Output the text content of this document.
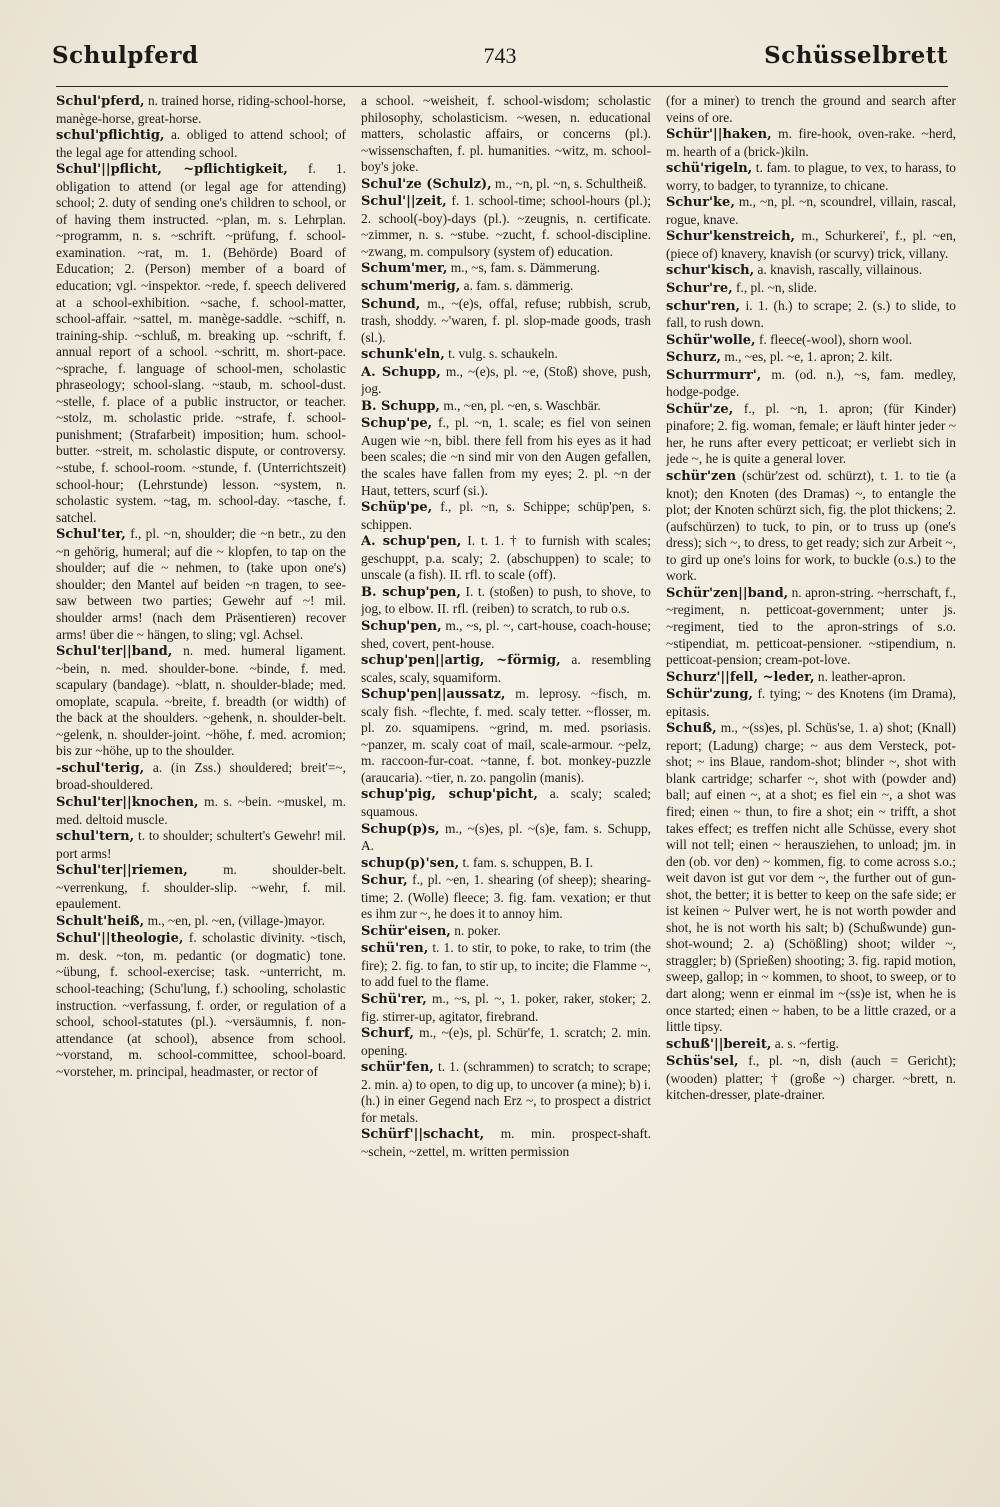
Schulpferd	743	Schüsselbrett

Schul'pferd, n. trained horse, riding-school-horse, manège-horse, great-horse.

schul'pflichtig, a. obliged to attend school; of the legal age for attending school.

Schul'||pflicht, ~pflichtigkeit, f. 1. obligation to attend (or legal age for attending) school; 2. duty of sending one's children to school, or of having them instructed. ~plan, m. s. Lehrplan. ~programm, n. s. ~schrift. ~prüfung, f. school-examination. ~rat, m. 1. (Behörde) Board of Education; 2. (Person) member of a board of education; vgl. ~inspektor. ~rede, f. speech delivered at a school-exhibition. ~sache, f. school-matter, school-affair. ~sattel, m. manège-saddle. ~schiff, n. training-ship. ~schluß, m. breaking up. ~schrift, f. annual report of a school. ~schritt, m. short-pace. ~sprache, f. language of school-men, scholastic phraseology; school-slang. ~staub, m. school-dust. ~stelle, f. place of a public instructor, or teacher. ~stolz, m. scholastic pride. ~strafe, f. school-punishment; (Strafarbeit) imposition; hum. school-butter. ~streit, m. scholastic dispute, or controversy. ~stube, f. school-room. ~stunde, f. (Unterrichtszeit) school-hour; (Lehrstunde) lesson. ~system, n. scholastic system. ~tag, m. school-day. ~tasche, f. satchel.

Schul'ter, f., pl. ~n, shoulder; die ~n betr., zu den ~n gehörig, humeral; auf die ~ klopfen, to tap on the shoulder; auf die ~ nehmen, to (take upon one's) shoulder; den Mantel auf beiden ~n tragen, to see-saw between two parties; Gewehr auf ~! mil. shoulder arms! (nach dem Präsentieren) recover arms! über die ~ hängen, to sling; vgl. Achsel.

Schul'ter||band, n. med. humeral ligament. ~bein, n. med. shoulder-bone. ~binde, f. med. scapulary (bandage). ~blatt, n. shoulder-blade; med. omoplate, scapula. ~breite, f. breadth (or width) of the back at the shoulders. ~gehenk, n. shoulder-belt. ~gelenk, n. shoulder-joint. ~höhe, f. med. acromion; bis zur ~höhe, up to the shoulder.

-schul'terig, a. (in Zss.) shouldered; breit'=~, broad-shouldered.

Schul'ter||knochen, m. s. ~bein. ~muskel, m. med. deltoid muscle.

schul'tern, t. to shoulder; schultert's Gewehr! mil. port arms!

Schul'ter||riemen,	m. shoulder-belt. ~verrenkung, f. shoulder-slip. ~wehr, f. mil. epaulement.

Schult'heiß, m., ~en, pl. ~en, (village-)mayor.

Schul'||theologie, f. scholastic divinity. ~tisch, m. desk. ~ton, m. pedantic (or dogmatic) tone. ~übung, f. school-exercise; task. ~unterricht, m. school-teaching; (Schu'lung, f.) schooling, scholastic instruction. ~verfassung, f. order, or regulation of a school, school-statutes (pl.). ~versäumnis, f. non-attendance (at school), absence from school. ~vorstand, m. school-committee, school-board. ~vorsteher, m. principal, headmaster, or rector of

a school. ~weisheit, f. school-wisdom; scholastic philosophy, scholasticism. ~wesen, n. educational matters, scholastic affairs, or concerns (pl.). ~wissenschaften, f. pl. humanities. ~witz, m. school-boy's joke.

Schul'ze (Schulz), m., ~n, pl. ~n, s. Schultheiß.

Schul'||zeit, f. 1. school-time; school-hours (pl.); 2. school(-boy)-days (pl.). ~zeugnis, n. certificate. ~zimmer, n. s. ~stube. ~zucht, f. school-discipline. ~zwang, m. compulsory (system of) education.

Schum'mer, m., ~s, fam. s. Dämmerung.

schum'merig, a. fam. s. dämmerig.

Schund, m., ~(e)s, offal, refuse; rubbish, scrub, trash, shoddy. ~'waren, f. pl. slop-made goods, trash (sl.).

schunk'eln, t. vulg. s. schaukeln.

A. Schupp, m., ~(e)s, pl. ~e, (Stoß) shove, push, jog.

B. Schupp, m., ~en, pl. ~en, s. Waschbär.

Schup'pe, f., pl. ~n, 1. scale; es fiel von seinen Augen wie ~n, bibl. there fell from his eyes as it had been scales; die ~n sind mir von den Augen gefallen, the scales have fallen from my eyes; 2. pl. ~n der Haut, tetters, scurf (si.).

Schüp'pe, f., pl. ~n, s. Schippe; schüp'pen, s. schippen.

A. schup'pen, I. t. 1. † to furnish with scales; geschuppt, p.a. scaly; 2. (abschuppen) to scale; to unscale (a fish). II. rfl. to scale (off).

B. schup'pen, I. t. (stoßen) to push, to shove, to jog, to elbow. II. rfl. (reiben) to scratch, to rub o.s.

Schup'pen, m., ~s, pl. ~, cart-house, coach-house; shed, covert, pent-house.

schup'pen||artig, ~förmig, a. resembling scales, scaly, squamiform.

Schup'pen||aussatz, m. leprosy. ~fisch, m. scaly fish. ~flechte, f. med. scaly tetter. ~flosser, m. pl. zo. squamipens. ~grind, m. med. psoriasis. ~panzer, m. scaly coat of mail, scale-armour. ~pelz, m. raccoon-fur-coat. ~tanne, f. bot. monkey-puzzle (araucaria). ~tier, n. zo. pangolin (manis).

schup'pig, schup'picht, a. scaly; scaled; squamous.

Schup(p)s, m., ~(s)es, pl. ~(s)e, fam. s. Schupp, A.

schup(p)'sen, t. fam. s. schuppen, B. I.

Schur, f., pl. ~en, 1. shearing (of sheep); shearing-time; 2. (Wolle) fleece; 3. fig. fam. vexation; er thut es ihm zur ~, he does it to annoy him.

Schür'eisen, n. poker.

schü'ren, t. 1. to stir, to poke, to rake, to trim (the fire); 2. fig. to fan, to stir up, to incite; die Flamme ~, to add fuel to the flame.

Schü'rer, m., ~s, pl. ~, 1. poker, raker, stoker; 2. fig. stirrer-up, agitator, firebrand.

Schurf, m., ~(e)s, pl. Schür'fe, 1. scratch; 2. min. opening.

schür'fen, t. 1. (schrammen) to scratch; to scrape; 2. min. a) to open, to dig up, to uncover (a mine); b) i. (h.) in einer Gegend nach Erz ~, to prospect a district for metals.

Schürf'||schacht, m. min. prospect-shaft. ~schein, ~zettel, m. written permission

(for a miner) to trench the ground and search after veins of ore.

Schür'||haken, m. fire-hook, oven-rake. ~herd, m. hearth of a (brick-)kiln.

schü'rigeln, t. fam. to plague, to vex, to harass, to worry, to badger, to tyrannize, to chicane.

Schur'ke, m., ~n, pl. ~n, scoundrel, villain, rascal, rogue, knave.

Schur'kenstreich, m., Schurkerei', f., pl. ~en, (piece of) knavery, knavish (or scurvy) trick, villany.

schur'kisch, a. knavish, rascally, villainous.

Schur're, f., pl. ~n, slide.

schur'ren, i. 1. (h.) to scrape; 2. (s.) to slide, to fall, to rush down.

Schür'wolle, f. fleece(-wool), shorn wool.

Schurz, m., ~es, pl. ~e, 1. apron; 2. kilt.

Schurrmurr', m. (od. n.), ~s, fam. medley, hodge-podge.

Schür'ze, f., pl. ~n, 1. apron; (für Kinder) pinafore; 2. fig. woman, female; er läuft hinter jeder ~ her, he runs after every petticoat; er verliebt sich in jede ~, he is quite a general lover.

schür'zen (schür'zest od. schürzt), t. 1. to tie (a knot); den Knoten (des Dramas) ~, to entangle the plot; der Knoten schürzt sich, fig. the plot thickens; 2. (aufschürzen) to tuck, to pin, or to truss up (one's dress); sich ~, to dress, to get ready; sich zur Arbeit ~, to gird up one's loins for work, to buckle (o.s.) to the work.

Schür'zen||band, n. apron-string. ~herrschaft, f., ~regiment, n. petticoat-government; unter js. ~regiment, tied to the apron-strings of s.o. ~stipendiat, m. petticoat-pensioner. ~stipendium, n. petticoat-pension; cream-pot-love.

Schurz'||fell, ~leder, n. leather-apron.

Schür'zung, f. tying; ~ des Knotens (im Drama), epitasis.

Schuß, m., ~(ss)es, pl. Schüs'se, 1. a) shot; (Knall) report; (Ladung) charge; ~ aus dem Versteck, pot-shot; ~ ins Blaue, random-shot; blinder ~, shot with blank cartridge; scharfer ~, shot with (powder and) ball; auf einen ~, at a shot; es fiel ein ~, a shot was fired; einen ~ thun, to fire a shot; ein ~ trifft, a shot takes effect; es treffen nicht alle Schüsse, every shot will not tell; einen ~ herausziehen, to unload; jm. in den (ob. vor den) ~ kommen, fig. to come across s.o.; weit davon ist gut vor dem ~, the further out of gun-shot, the better; it is better to keep on the safe side; er ist keinen ~ Pulver wert, he is not worth powder and shot, he is not worth his salt; b) (Schußwunde) gun-shot-wound; 2. a) (Schößling) shoot; wilder ~, straggler; b) (Sprießen) shooting; 3. fig. rapid motion, sweep, gallop; in ~ kommen, to shoot, to sweep, or to dart along; wenn er einmal im ~(ss)e ist, when he is once started; einen ~ haben, to be a little crazed, or a little tipsy.

schuß'||bereit, a. s. ~fertig.

Schüs'sel, f., pl. ~n, dish (auch = Gericht); (wooden) platter; † (große ~) charger. ~brett, n. kitchen-dresser, plate-drainer.
